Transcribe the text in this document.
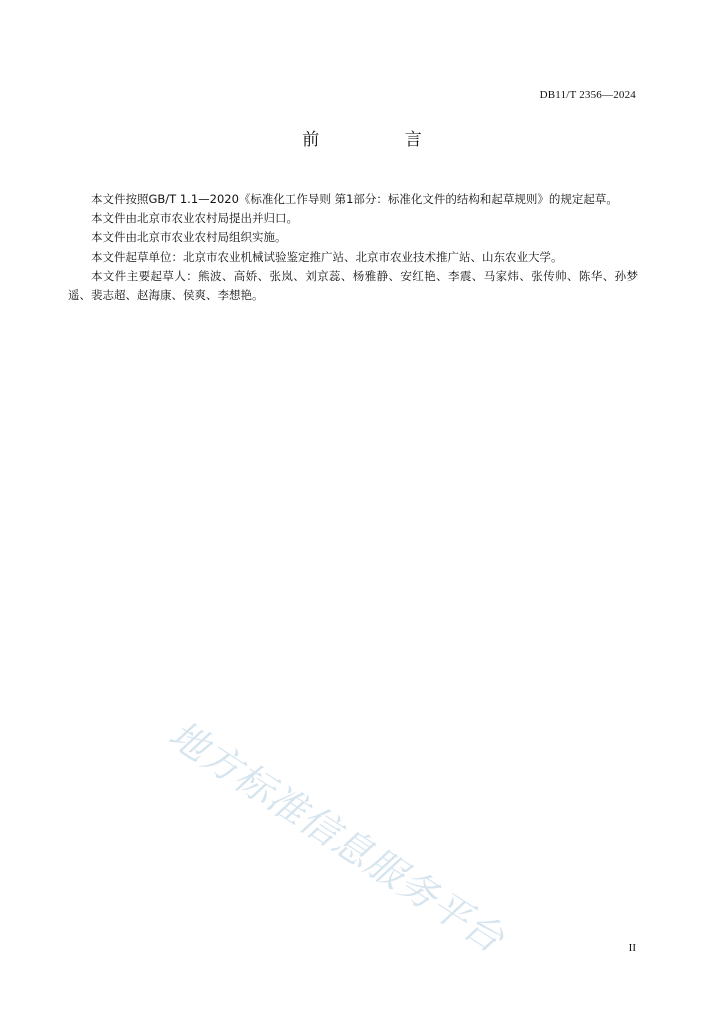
DB11/T 2356—2024
前 言

本文件按照GB/T 1.1—2020《标准化工作导则 第1部分：标准化文件的结构和起草规则》的规定起草。

本文件由北京市农业农村局提出并归口。

本文件由北京市农业农村局组织实施。

本文件起草单位：北京市农业机械试验鉴定推广站、北京市农业技术推广站、山东农业大学。

本文件主要起草人：熊波、高娇、张岚、刘京蕊、杨雅静、安红艳、李震、马家炜、张传帅、陈华、孙梦遥、裴志超、赵海康、侯爽、李想艳。

地方标准信息服务平台	II
